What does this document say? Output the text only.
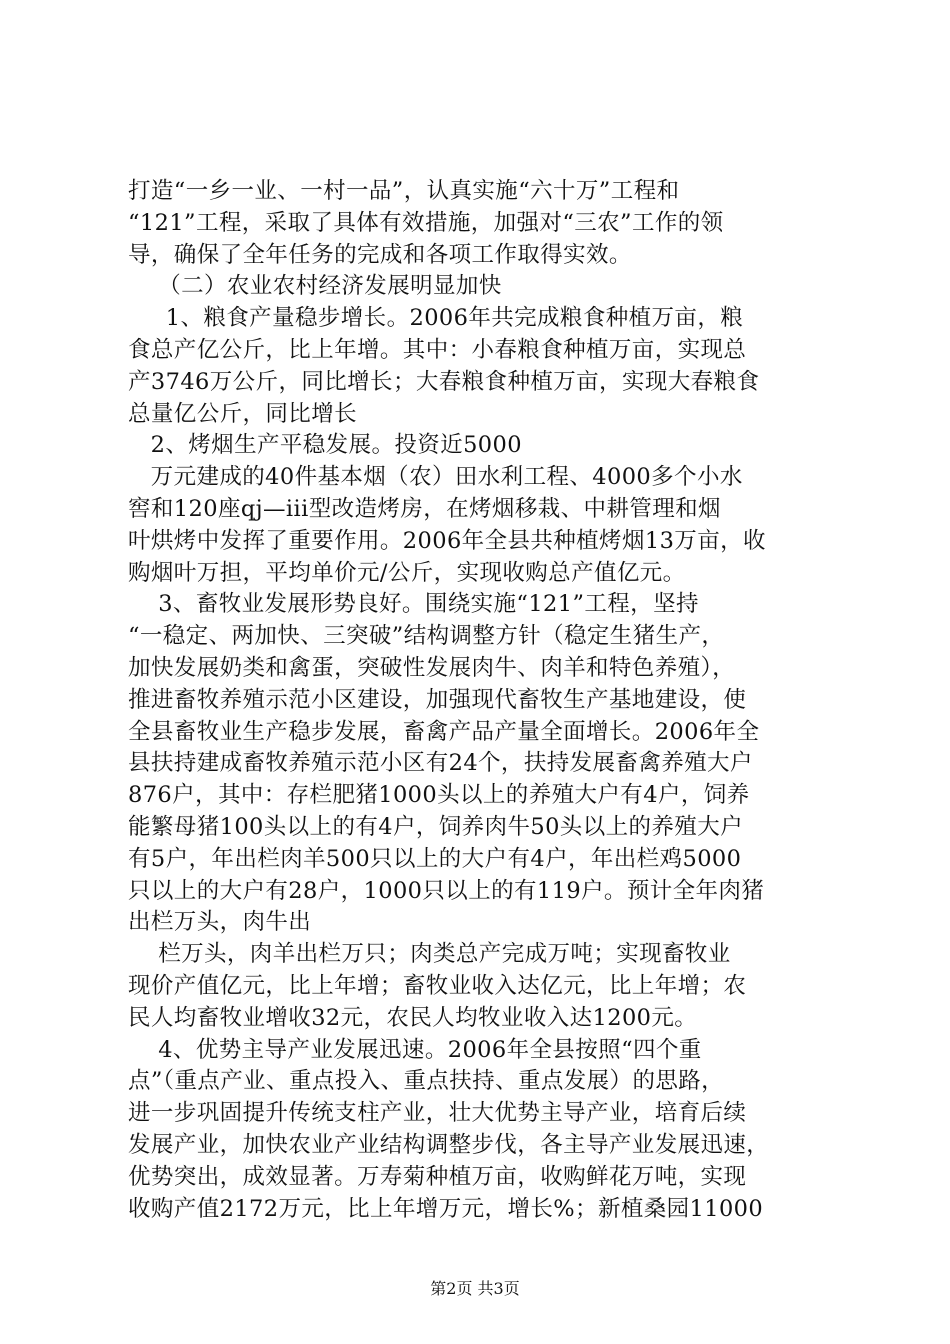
打造“一乡一业、一村一品”，认真实施“六十万”工程和
“121”工程，采取了具体有效措施，加强对“三农”工作的领
导，确保了全年任务的完成和各项工作取得实效。
（二）农业农村经济发展明显加快
1、粮食产量稳步增长。2006年共完成粮食种植万亩，粮
食总产亿公斤，比上年增。其中：小春粮食种植万亩，实现总
产3746万公斤，同比增长；大春粮食种植万亩，实现大春粮食
总量亿公斤，同比增长
2、烤烟生产平稳发展。投资近5000
万元建成的40件基本烟（农）田水利工程、4000多个小水
窖和120座qj—iii型改造烤房，在烤烟移栽、中耕管理和烟
叶烘烤中发挥了重要作用。2006年全县共种植烤烟13万亩，收
购烟叶万担，平均单价元/公斤，实现收购总产值亿元。
3、畜牧业发展形势良好。围绕实施“121”工程，坚持
“一稳定、两加快、三突破”结构调整方针（稳定生猪生产，
加快发展奶类和禽蛋，突破性发展肉牛、肉羊和特色养殖），
推进畜牧养殖示范小区建设，加强现代畜牧生产基地建设，使
全县畜牧业生产稳步发展，畜禽产品产量全面增长。2006年全
县扶持建成畜牧养殖示范小区有24个，扶持发展畜禽养殖大户
876户，其中：存栏肥猪1000头以上的养殖大户有4户，饲养
能繁母猪100头以上的有4户，饲养肉牛50头以上的养殖大户
有5户，年出栏肉羊500只以上的大户有4户，年出栏鸡5000
只以上的大户有28户，1000只以上的有119户。预计全年肉猪
出栏万头，肉牛出
栏万头，肉羊出栏万只；肉类总产完成万吨；实现畜牧业
现价产值亿元，比上年增；畜牧业收入达亿元，比上年增；农
民人均畜牧业增收32元，农民人均牧业收入达1200元。
4、优势主导产业发展迅速。2006年全县按照“四个重
点”（重点产业、重点投入、重点扶持、重点发展）的思路，
进一步巩固提升传统支柱产业，壮大优势主导产业，培育后续
发展产业，加快农业产业结构调整步伐，各主导产业发展迅速，
优势突出，成效显著。万寿菊种植万亩，收购鲜花万吨，实现
收购产值2172万元，比上年增万元，增长%；新植桑园11000
第2页 共3页
